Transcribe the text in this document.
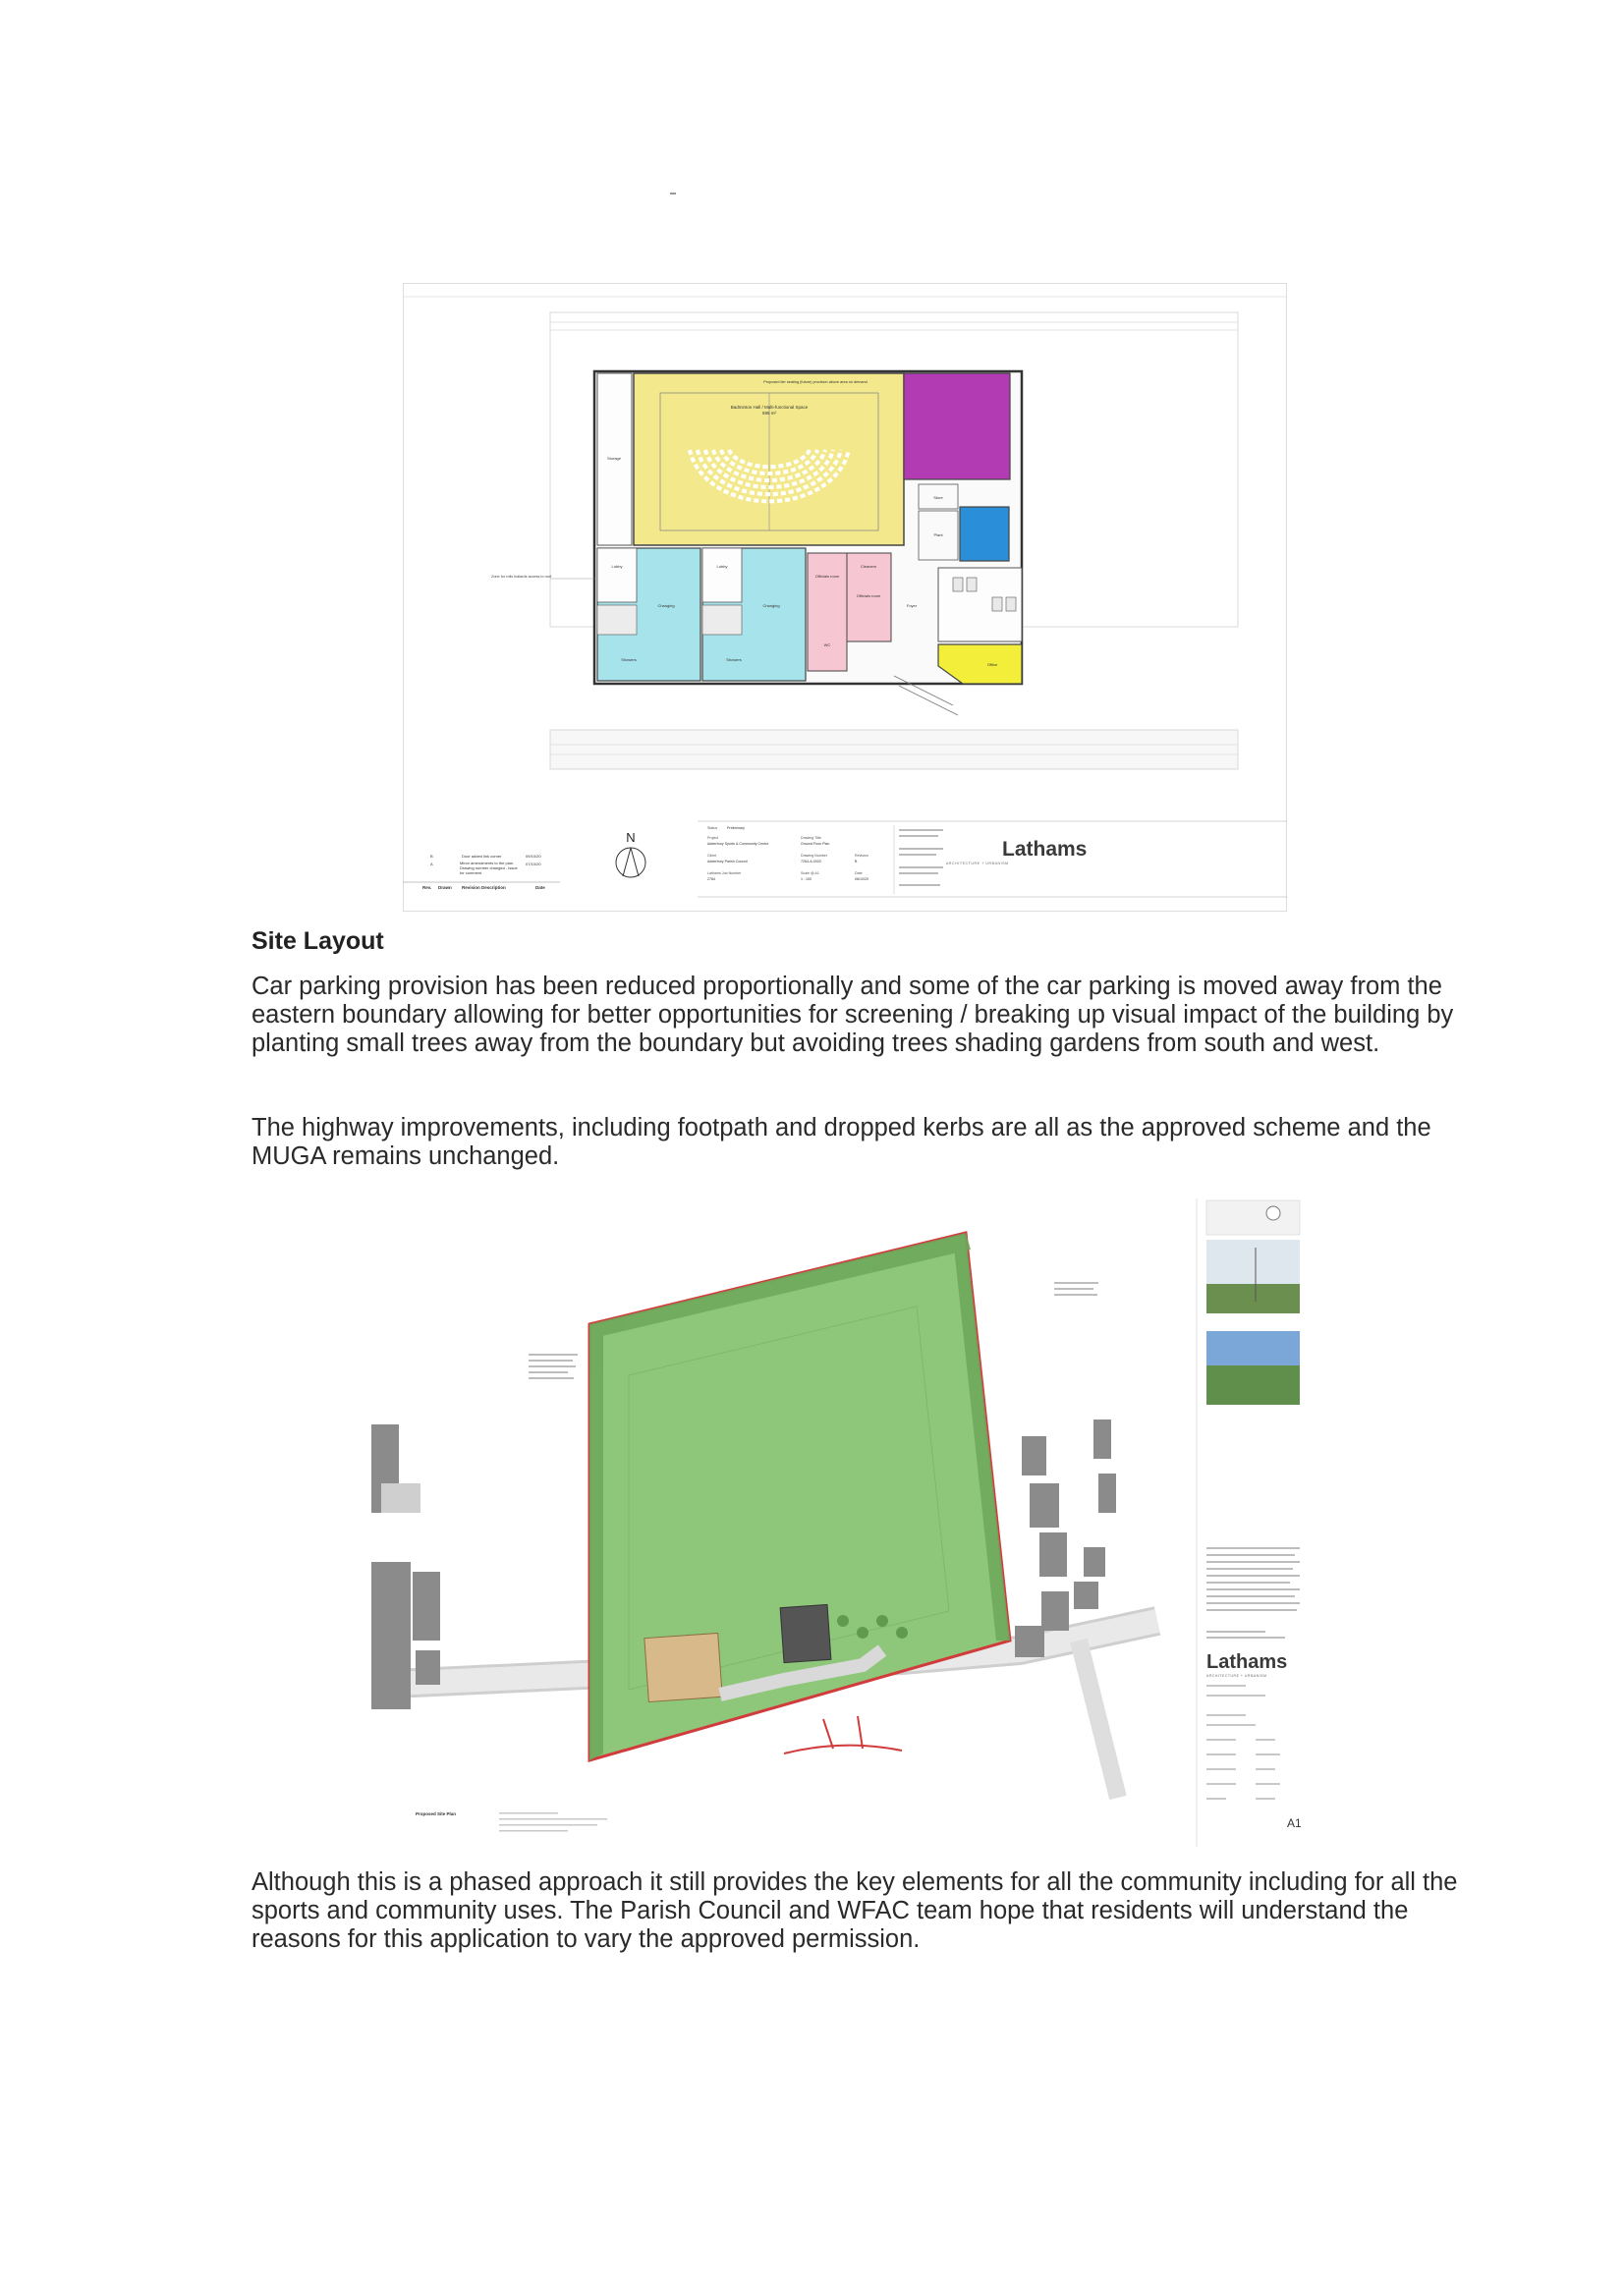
Badminton Hall / Multi-functional Space
595 m²
Proposed tier seating (future) provision above area on demand
Storage
Zone for rolls bollards access to roof
Store
Plant
Office
Foyer
Lobby
Changing
Showers
Lobby
Changing
Showers
Officials room
Officials room
WC
Cleaners
N
B	Door added link corner	09/10/20
A	Minor amendments to the plan. Drawing number changed - issue for comment
07/10/20
Rev. Drawn Revision Description	Date
Status	Preliminary
Project
Adderbury Sports & Community Centre
Client
Adderbury Parish Council
Lathams Job Number
2784
Drawing Title
Ground Floor Plan
Drawing Number
7264-A-0020
Scale @ A1
1 : 100
Revision
B
Date
08/10/20
Lathams
ARCHITECTURE + URBANISM
Site Layout

Car parking provision has been reduced proportionally and some of the car parking is moved away from the eastern boundary allowing for better opportunities for screening / breaking up visual impact of the building by planting small trees away from the boundary but avoiding trees shading gardens from south and west.

The highway improvements, including footpath and dropped kerbs are all as the approved scheme and the MUGA remains unchanged.

Lathams
ARCHITECTURE + URBANISM
A1
Proposed Site Plan

Although this is a phased approach it still provides the key elements for all the community including for all the sports and community uses. The Parish Council and WFAC team hope that residents will understand the reasons for this application to vary the approved permission.
